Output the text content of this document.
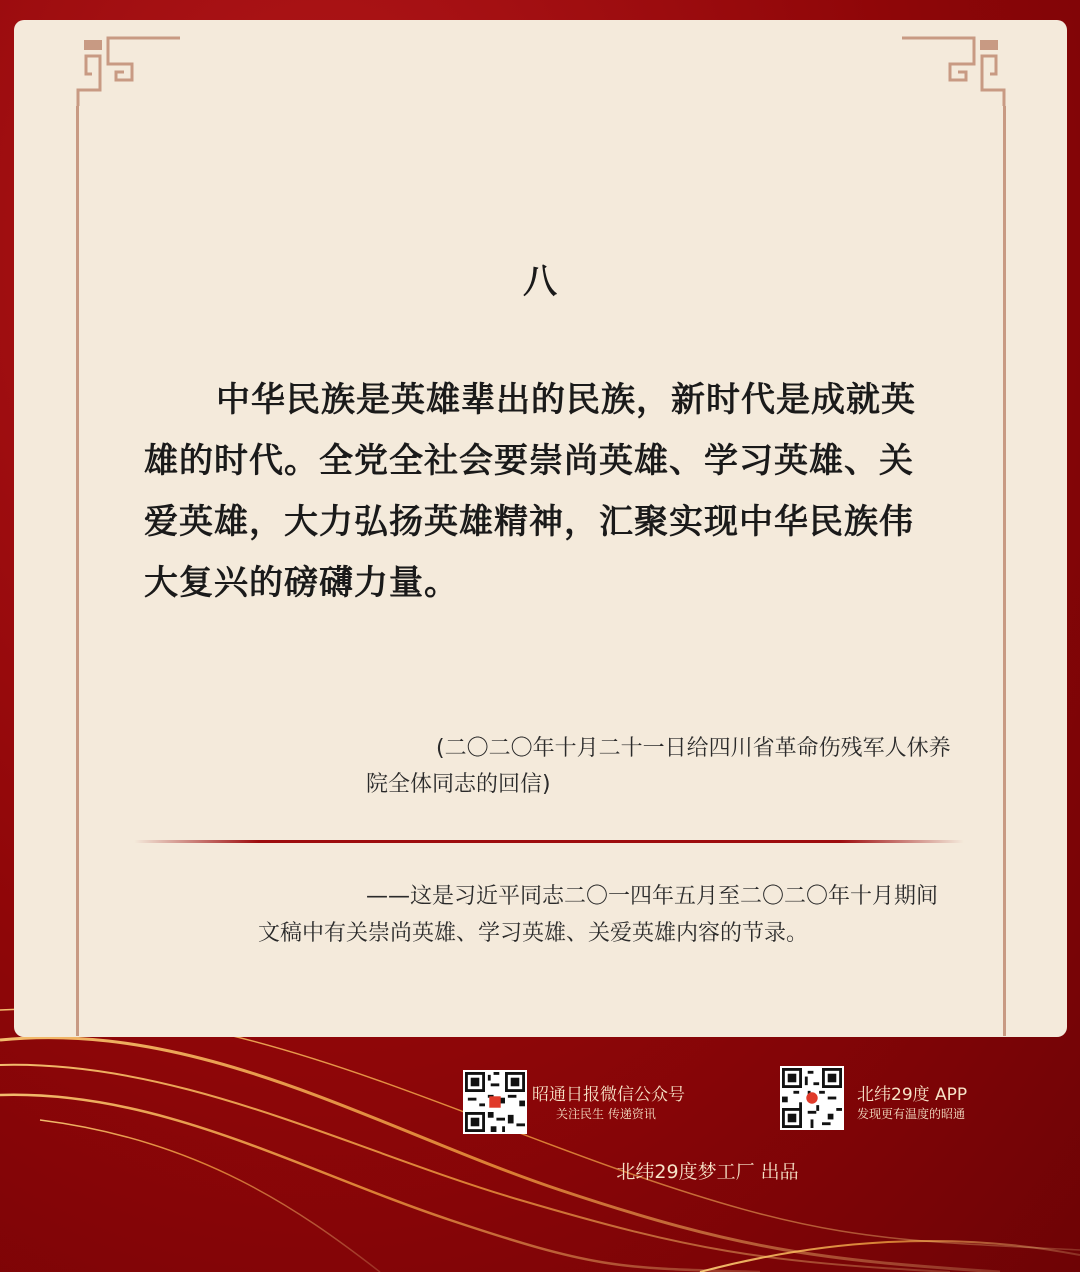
八
中华民族是英雄辈出的民族，新时代是成就英雄的时代。全党全社会要崇尚英雄、学习英雄、关爱英雄，大力弘扬英雄精神，汇聚实现中华民族伟大复兴的磅礴力量。
(二〇二〇年十月二十一日给四川省革命伤残军人休养院全体同志的回信)
——这是习近平同志二〇一四年五月至二〇二〇年十月期间文稿中有关崇尚英雄、学习英雄、关爱英雄内容的节录。
昭通日报微信公众号
关注民生 传递资讯
北纬29度 APP
发现更有温度的昭通
北纬29度梦工厂 出品
